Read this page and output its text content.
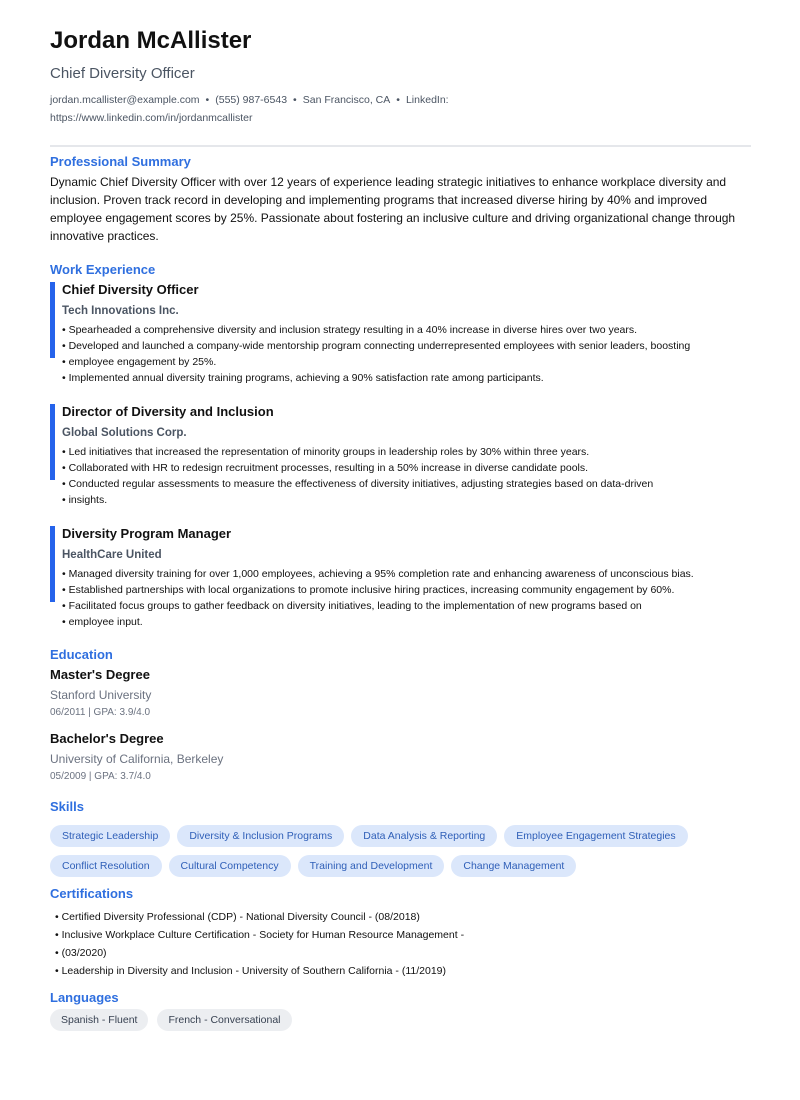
Jordan McAllister
Chief Diversity Officer
jordan.mcallister@example.com • (555) 987-6543 • San Francisco, CA • LinkedIn:
https://www.linkedin.com/in/jordanmcallister
Professional Summary
Dynamic Chief Diversity Officer with over 12 years of experience leading strategic initiatives to enhance workplace diversity and inclusion. Proven track record in developing and implementing programs that increased diverse hiring by 40% and improved employee engagement scores by 25%. Passionate about fostering an inclusive culture and driving organizational change through innovative practices.
Work Experience
Chief Diversity Officer
Tech Innovations Inc.
• Spearheaded a comprehensive diversity and inclusion strategy resulting in a 40% increase in diverse hires over two years.
• Developed and launched a company-wide mentorship program connecting underrepresented employees with senior leaders, boosting
• employee engagement by 25%.
• Implemented annual diversity training programs, achieving a 90% satisfaction rate among participants.
Director of Diversity and Inclusion
Global Solutions Corp.
• Led initiatives that increased the representation of minority groups in leadership roles by 30% within three years.
• Collaborated with HR to redesign recruitment processes, resulting in a 50% increase in diverse candidate pools.
• Conducted regular assessments to measure the effectiveness of diversity initiatives, adjusting strategies based on data-driven
• insights.
Diversity Program Manager
HealthCare United
• Managed diversity training for over 1,000 employees, achieving a 95% completion rate and enhancing awareness of unconscious bias.
• Established partnerships with local organizations to promote inclusive hiring practices, increasing community engagement by 60%.
• Facilitated focus groups to gather feedback on diversity initiatives, leading to the implementation of new programs based on
• employee input.
Education
Master's Degree
Stanford University
06/2011 | GPA: 3.9/4.0
Bachelor's Degree
University of California, Berkeley
05/2009 | GPA: 3.7/4.0
Skills
Strategic Leadership	Diversity & Inclusion Programs	Data Analysis & Reporting	Employee Engagement Strategies
Conflict Resolution	Cultural Competency	Training and Development	Change Management
Certifications
• Certified Diversity Professional (CDP) - National Diversity Council - (08/2018)
• Inclusive Workplace Culture Certification - Society for Human Resource Management -
• (03/2020)
• Leadership in Diversity and Inclusion - University of Southern California - (11/2019)
Languages
Spanish - Fluent	French - Conversational
